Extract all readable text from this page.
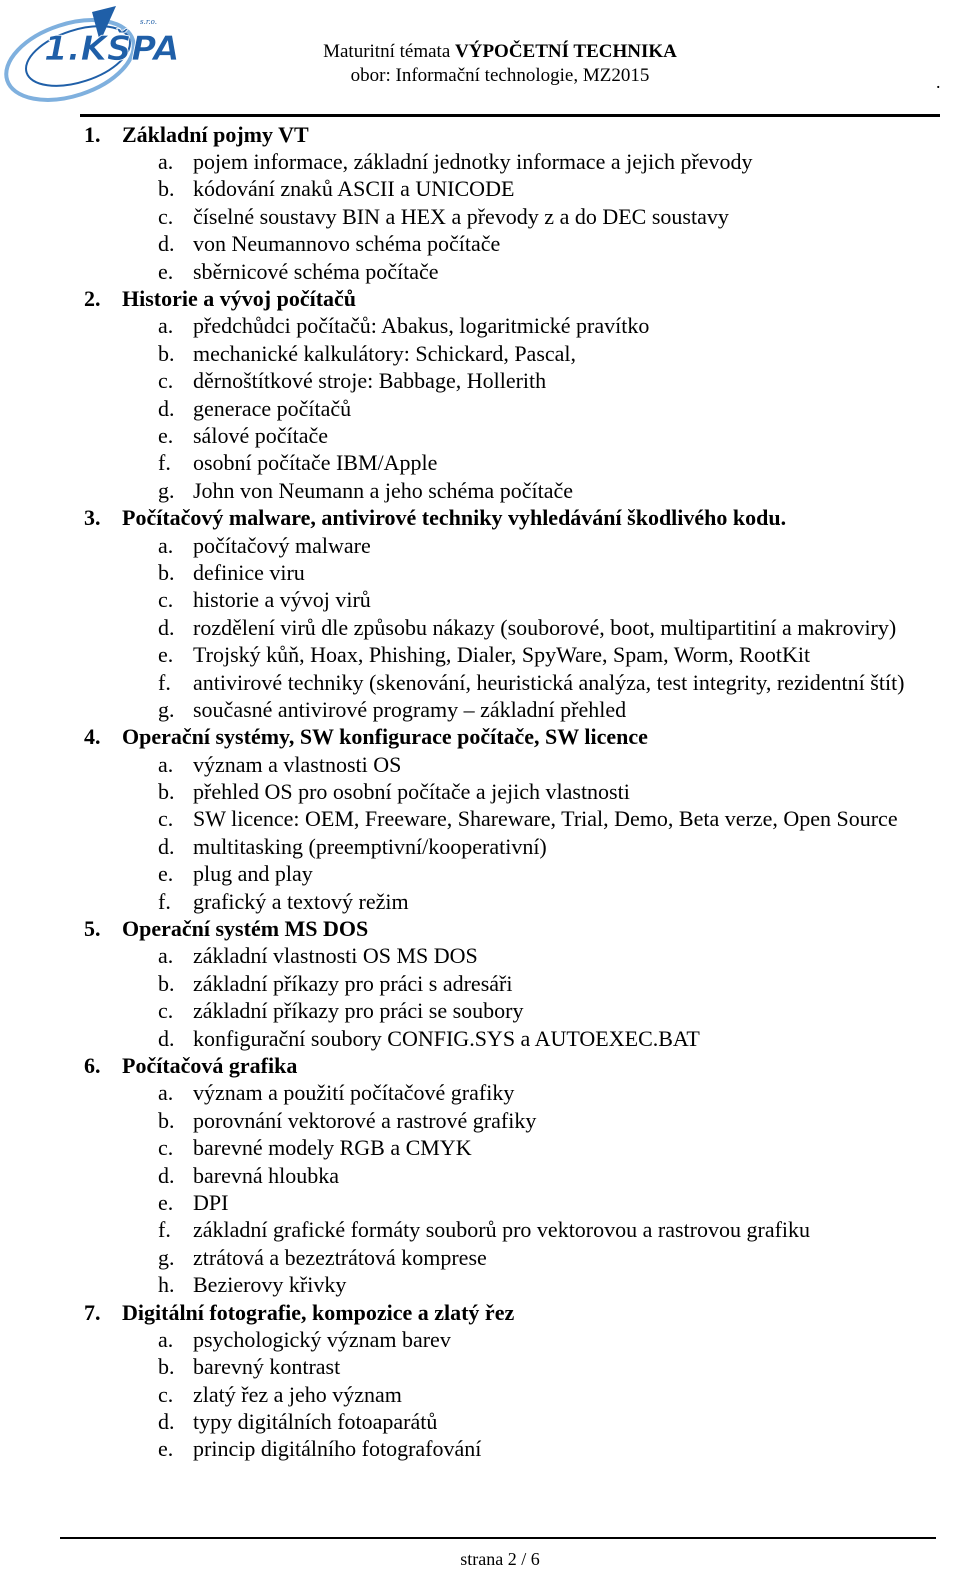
1.KŠPA
s.r.o.
Maturitní témata VÝPOČETNÍ TECHNIKA
obor: Informační technologie, MZ2015	.
1. Základní pojmy VT
a. pojem informace, základní jednotky informace a jejich převody
b. kódování znaků ASCII a UNICODE
c. číselné soustavy BIN a HEX a převody z a do DEC soustavy
d. von Neumannovo schéma počítače
e. sběrnicové schéma počítače
2. Historie a vývoj počítačů
a. předchůdci počítačů: Abakus, logaritmické pravítko
b. mechanické kalkulátory: Schickard, Pascal,
c. děrnoštítkové stroje: Babbage, Hollerith
d. generace počítačů
e. sálové počítače
f.	osobní počítače IBM/Apple
g. John von Neumann a jeho schéma počítače
3. Počítačový malware, antivirové techniky vyhledávání škodlivého kodu.
a. počítačový malware
b. definice viru
c. historie a vývoj virů
d. rozdělení virů dle způsobu nákazy (souborové, boot, multipartitiní a makroviry)
e. Trojský kůň, Hoax, Phishing, Dialer, SpyWare, Spam, Worm, RootKit
f.	antivirové techniky (skenování, heuristická analýza, test integrity, rezidentní štít)
g. současné antivirové programy – základní přehled
4. Operační systémy, SW konfigurace počítače, SW licence
a. význam a vlastnosti OS
b. přehled OS pro osobní počítače a jejich vlastnosti
c. SW licence: OEM, Freeware, Shareware, Trial, Demo, Beta verze, Open Source
d. multitasking (preemptivní/kooperativní)
e. plug and play
f.	grafický a textový režim
5. Operační systém MS DOS
a. základní vlastnosti OS MS DOS
b. základní příkazy pro práci s adresáři
c. základní příkazy pro práci se soubory
d. konfigurační soubory CONFIG.SYS a AUTOEXEC.BAT
6. Počítačová grafika
a. význam a použití počítačové grafiky
b. porovnání vektorové a rastrové grafiky
c. barevné modely RGB a CMYK
d. barevná hloubka
e. DPI
f.	základní grafické formáty souborů pro vektorovou a rastrovou grafiku
g. ztrátová a bezeztrátová komprese
h. Bezierovy křivky
7. Digitální fotografie, kompozice a zlatý řez
a. psychologický význam barev
b. barevný kontrast
c. zlatý řez a jeho význam
d. typy digitálních fotoaparátů
e. princip digitálního fotografování
strana 2 / 6
